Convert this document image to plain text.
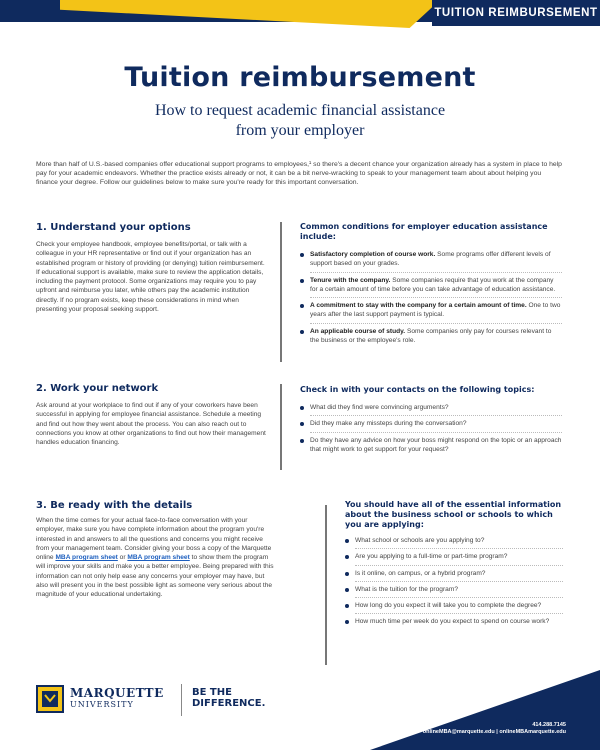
TUITION REIMBURSEMENT
Tuition reimbursement
How to request academic financial assistance from your employer
More than half of U.S.-based companies offer educational support programs to employees,¹ so there's a decent chance your organization already has a system in place to help pay for your academic endeavors. Whether the practice exists already or not, it can be a bit nerve-wracking to speak to your management team about about helping you finance your degree. Follow our guidelines below to make sure you're ready for this important conversation.
1. Understand your options
Check your employee handbook, employee benefits/portal, or talk with a colleague in your HR representative or find out if your organization has an established program or history of providing (or denying) tuition reimbursement. If educational support is available, make sure to review the application details, including the payment protocol. Some organizations may require you to pay upfront and reimburse you later, while others pay the academic institution directly. If no program exists, keep these considerations in mind when presenting your proposal seeking support.
2. Work your network
Ask around at your workplace to find out if any of your coworkers have been successful in applying for employee financial assistance. Schedule a meeting and find out how they went about the process. You can also reach out to connections you know at other organizations to find out how their management handles education financing.
3. Be ready with the details
When the time comes for your actual face-to-face conversation with your employer, make sure you have complete information about the program you're interested in and answers to all the questions and concerns you might receive from your management team. Consider giving your boss a copy of the Marquette online MBA program sheet or MBA program sheet to show them the program will improve your skills and make you a better employee. Being prepared with this information can not only help ease any concerns your employer may have, but also will present you in the best possible light as someone very serious about the magnitude of your educational undertaking.
Common conditions for employer education assistance include:
Satisfactory completion of course work. Some programs offer different levels of support based on your grades.
Tenure with the company. Some companies require that you work at the company for a certain amount of time before you can take advantage of education assistance.
A commitment to stay with the company for a certain amount of time. One to two years after the last support payment is typical.
An applicable course of study. Some companies only pay for courses relevant to the business or the employee's role.
Check in with your contacts on the following topics:
What did they find were convincing arguments?
Did they make any missteps during the conversation?
Do they have any advice on how your boss might respond on the topic or an approach that might work to get support for your request?
You should have all of the essential information about the business school or schools to which you are applying:
What school or schools are you applying to?
Are you applying to a full-time or part-time program?
Is it online, on campus, or a hybrid program?
What is the tuition for the program?
How long do you expect it will take you to complete the degree?
How much time per week do you expect to spend on course work?
MARQUETTE
UNIVERSITY
BE THE
DIFFERENCE.
414.288.7145
onlineMBA@marquette.edu | onlineMBAmarquette.edu
